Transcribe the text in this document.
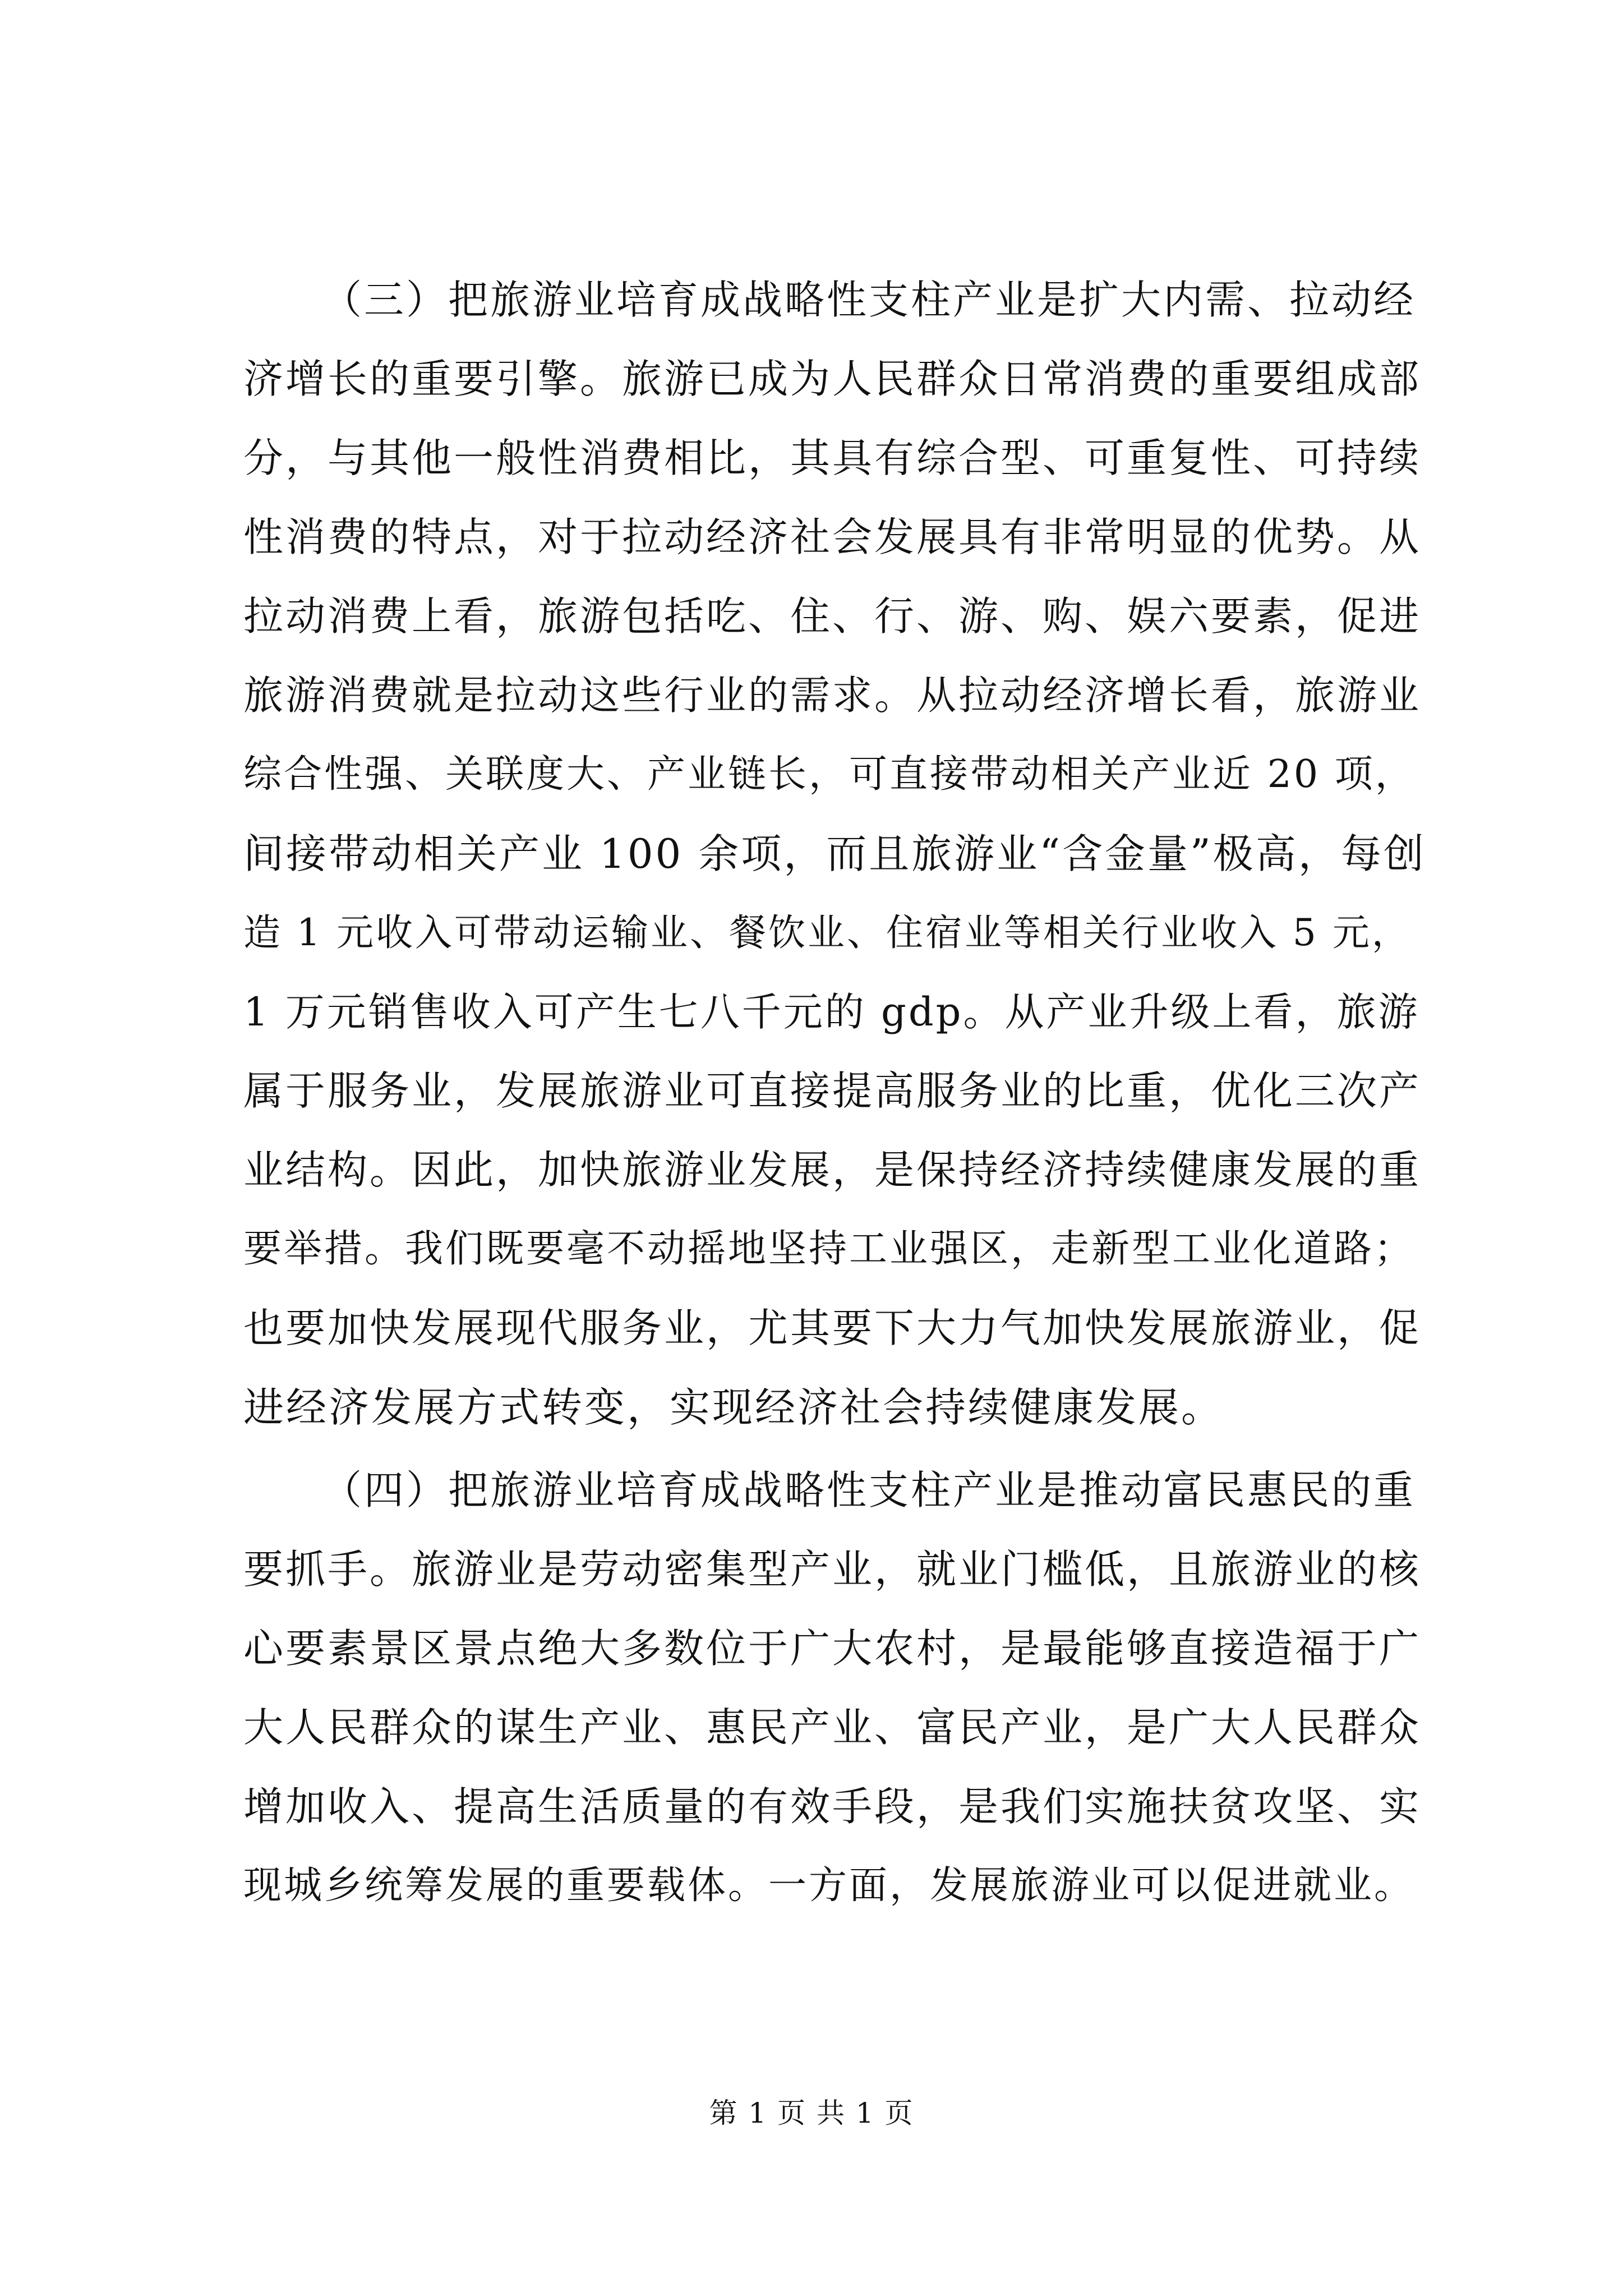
（三）把旅游业培育成战略性支柱产业是扩大内需、拉动经
济增长的重要引擎。旅游已成为人民群众日常消费的重要组成部
分，与其他一般性消费相比，其具有综合型、可重复性、可持续
性消费的特点，对于拉动经济社会发展具有非常明显的优势。从
拉动消费上看，旅游包括吃、住、行、游、购、娱六要素，促进
旅游消费就是拉动这些行业的需求。从拉动经济增长看，旅游业
综合性强、关联度大、产业链长，可直接带动相关产业近 20 项，
间接带动相关产业 100 余项，而且旅游业“含金量”极高，每创
造 1 元收入可带动运输业、餐饮业、住宿业等相关行业收入 5 元，
1 万元销售收入可产生七八千元的 gdp。从产业升级上看，旅游
属于服务业，发展旅游业可直接提高服务业的比重，优化三次产
业结构。因此，加快旅游业发展，是保持经济持续健康发展的重
要举措。我们既要毫不动摇地坚持工业强区，走新型工业化道路；
也要加快发展现代服务业，尤其要下大力气加快发展旅游业，促
进经济发展方式转变，实现经济社会持续健康发展。
（四）把旅游业培育成战略性支柱产业是推动富民惠民的重
要抓手。旅游业是劳动密集型产业，就业门槛低，且旅游业的核
心要素景区景点绝大多数位于广大农村，是最能够直接造福于广
大人民群众的谋生产业、惠民产业、富民产业，是广大人民群众
增加收入、提高生活质量的有效手段，是我们实施扶贫攻坚、实
现城乡统筹发展的重要载体。一方面，发展旅游业可以促进就业。
第 1 页 共 1 页
